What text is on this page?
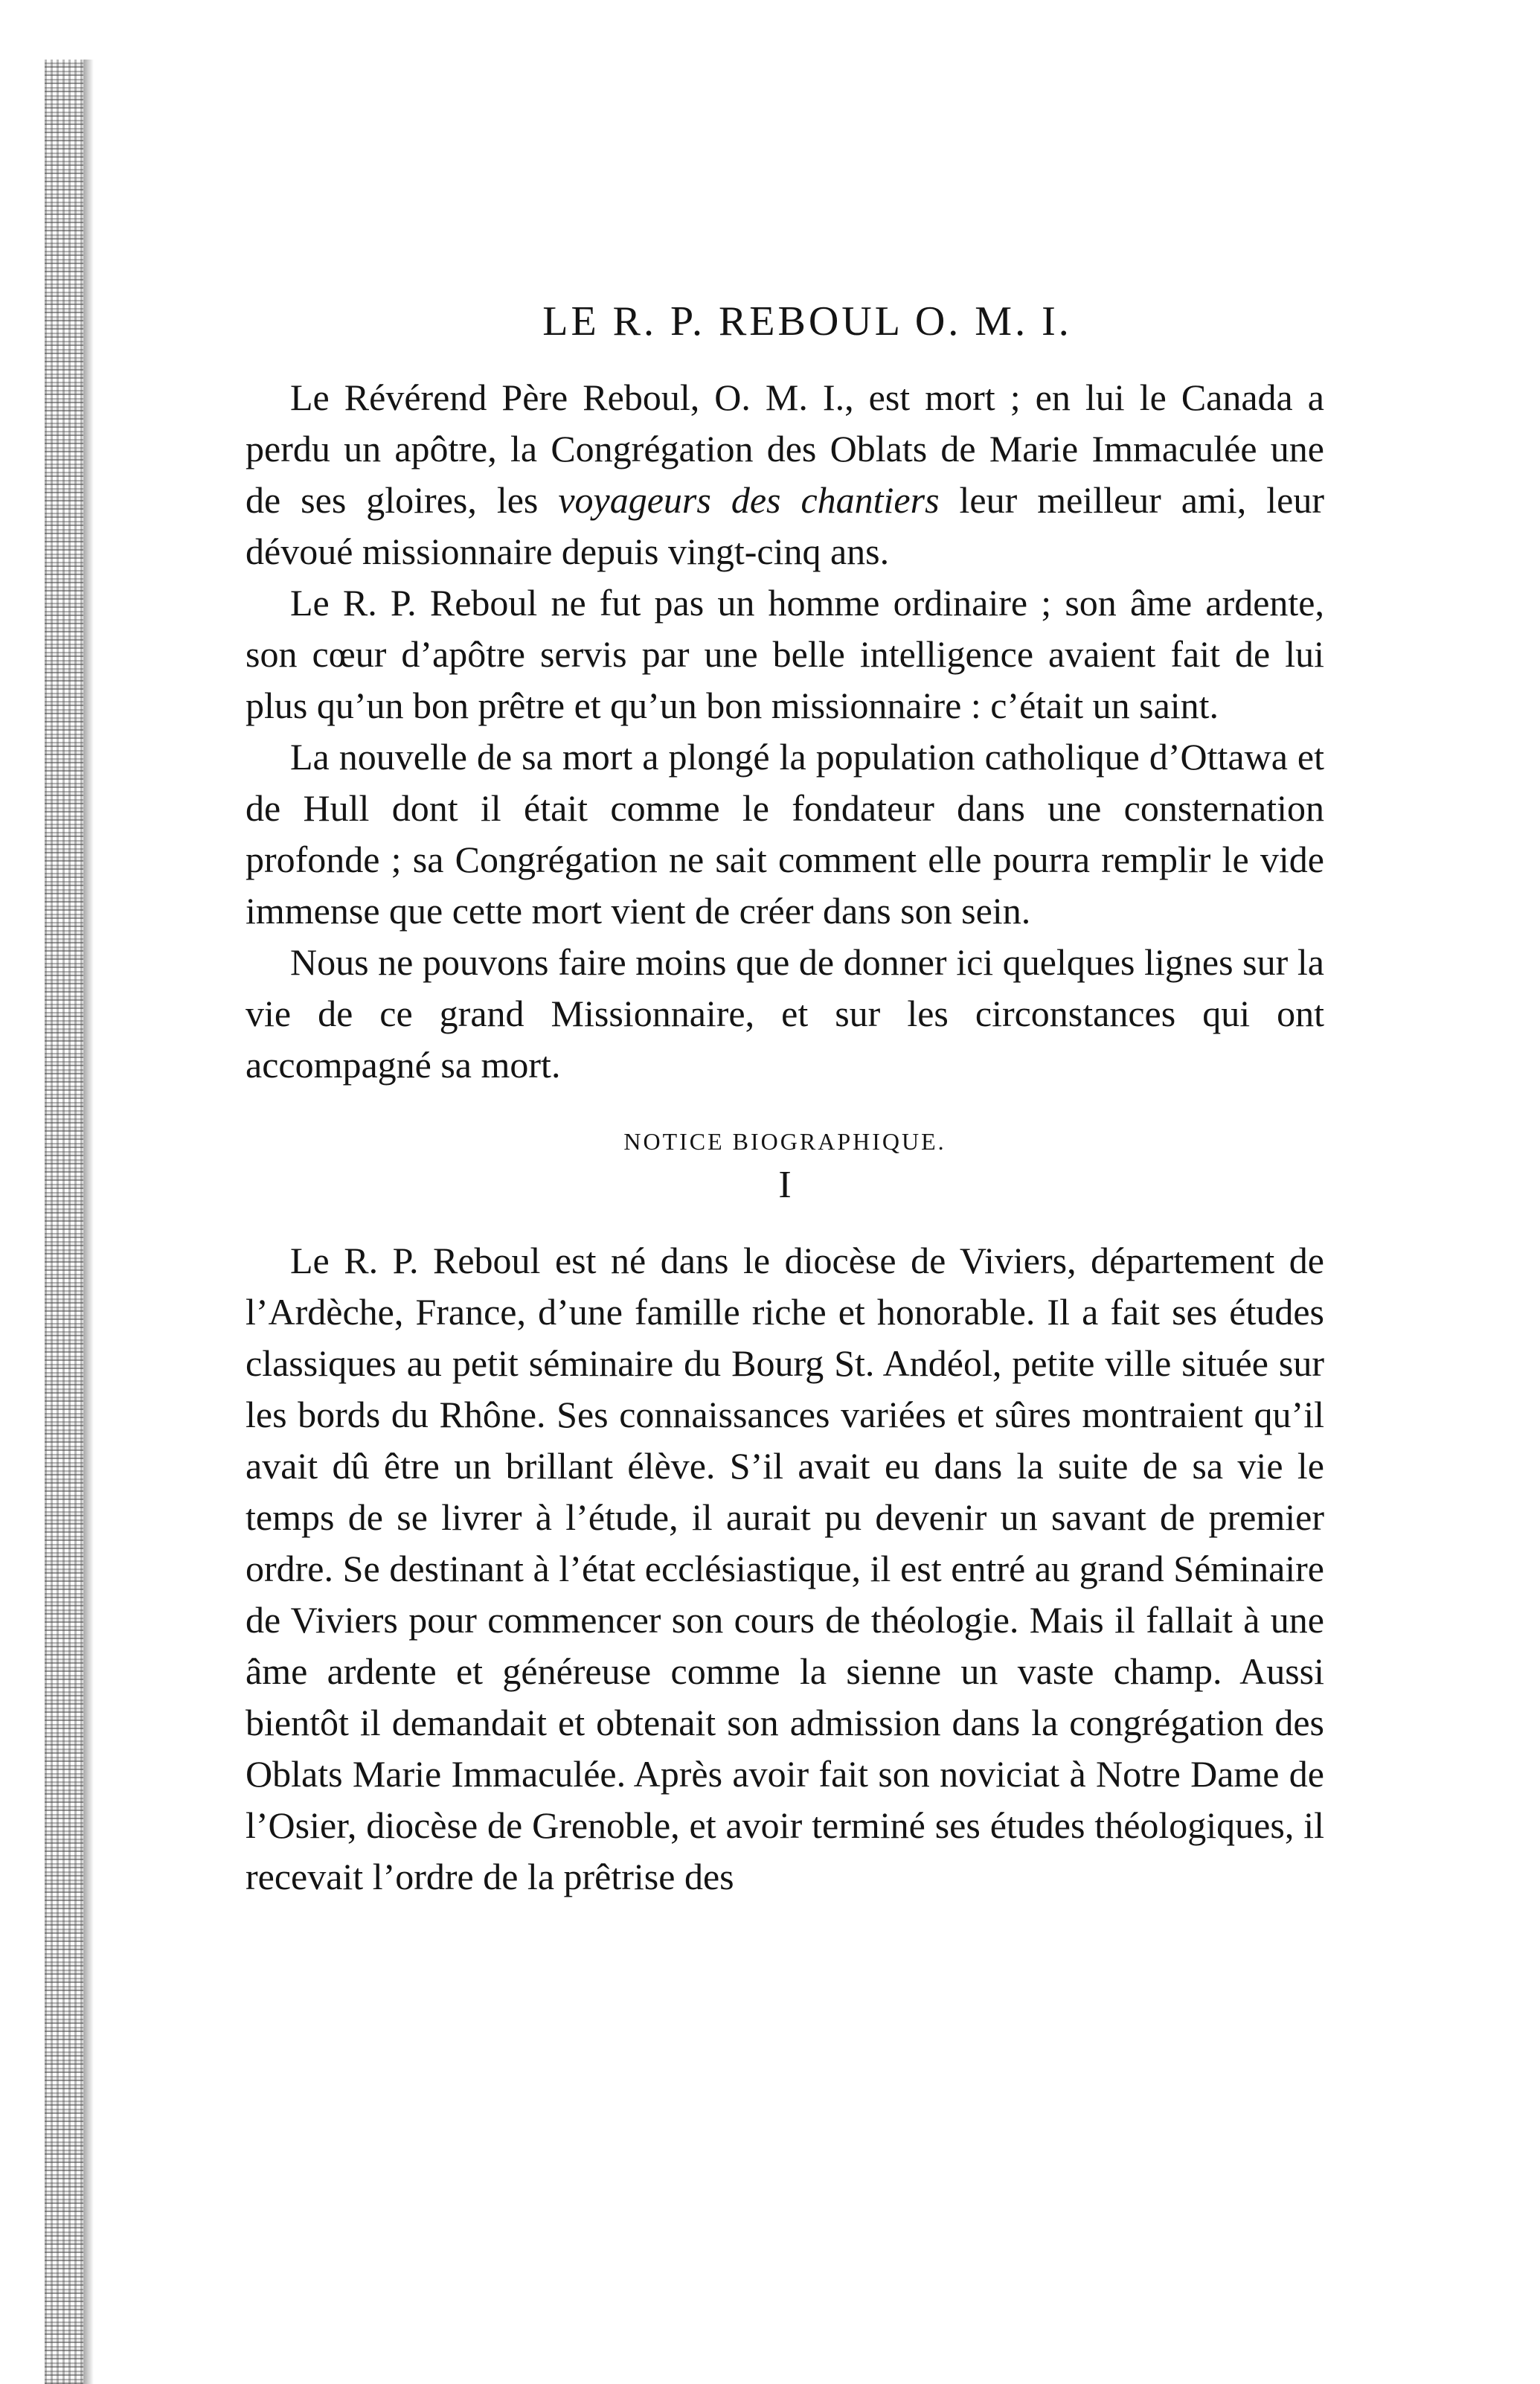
LE R. P. REBOUL O. M. I.

Le Révérend Père Reboul, O. M. I., est mort ; en lui le Canada a perdu un apôtre, la Congrégation des Oblats de Marie Immaculée une de ses gloires, les voyageurs des chantiers leur meilleur ami, leur dévoué missionnaire depuis vingt-cinq ans.

Le R. P. Reboul ne fut pas un homme ordinaire ; son âme ardente, son cœur d’apôtre servis par une belle intelligence avaient fait de lui plus qu’un bon prêtre et qu’un bon missionnaire : c’était un saint.

La nouvelle de sa mort a plongé la population catholique d’Ottawa et de Hull dont il était comme le fondateur dans une consternation profonde ; sa Congrégation ne sait comment elle pourra remplir le vide immense que cette mort vient de créer dans son sein.

Nous ne pouvons faire moins que de donner ici quelques lignes sur la vie de ce grand Missionnaire, et sur les circonstances qui ont accompagné sa mort.

NOTICE BIOGRAPHIQUE.
I

Le R. P. Reboul est né dans le diocèse de Viviers, département de l’Ardèche, France, d’une famille riche et honorable. Il a fait ses études classiques au petit séminaire du Bourg St. Andéol, petite ville située sur les bords du Rhône. Ses connaissances variées et sûres montraient qu’il avait dû être un brillant élève. S’il avait eu dans la suite de sa vie le temps de se livrer à l’étude, il aurait pu devenir un savant de premier ordre. Se destinant à l’état ecclésiastique, il est entré au grand Séminaire de Viviers pour commencer son cours de théologie. Mais il fallait à une âme ardente et généreuse comme la sienne un vaste champ. Aussi bientôt il demandait et obtenait son admission dans la congrégation des Oblats Marie Immaculée. Après avoir fait son noviciat à Notre Dame de l’Osier, diocèse de Grenoble, et avoir terminé ses études théologiques, il recevait l’ordre de la prêtrise des
